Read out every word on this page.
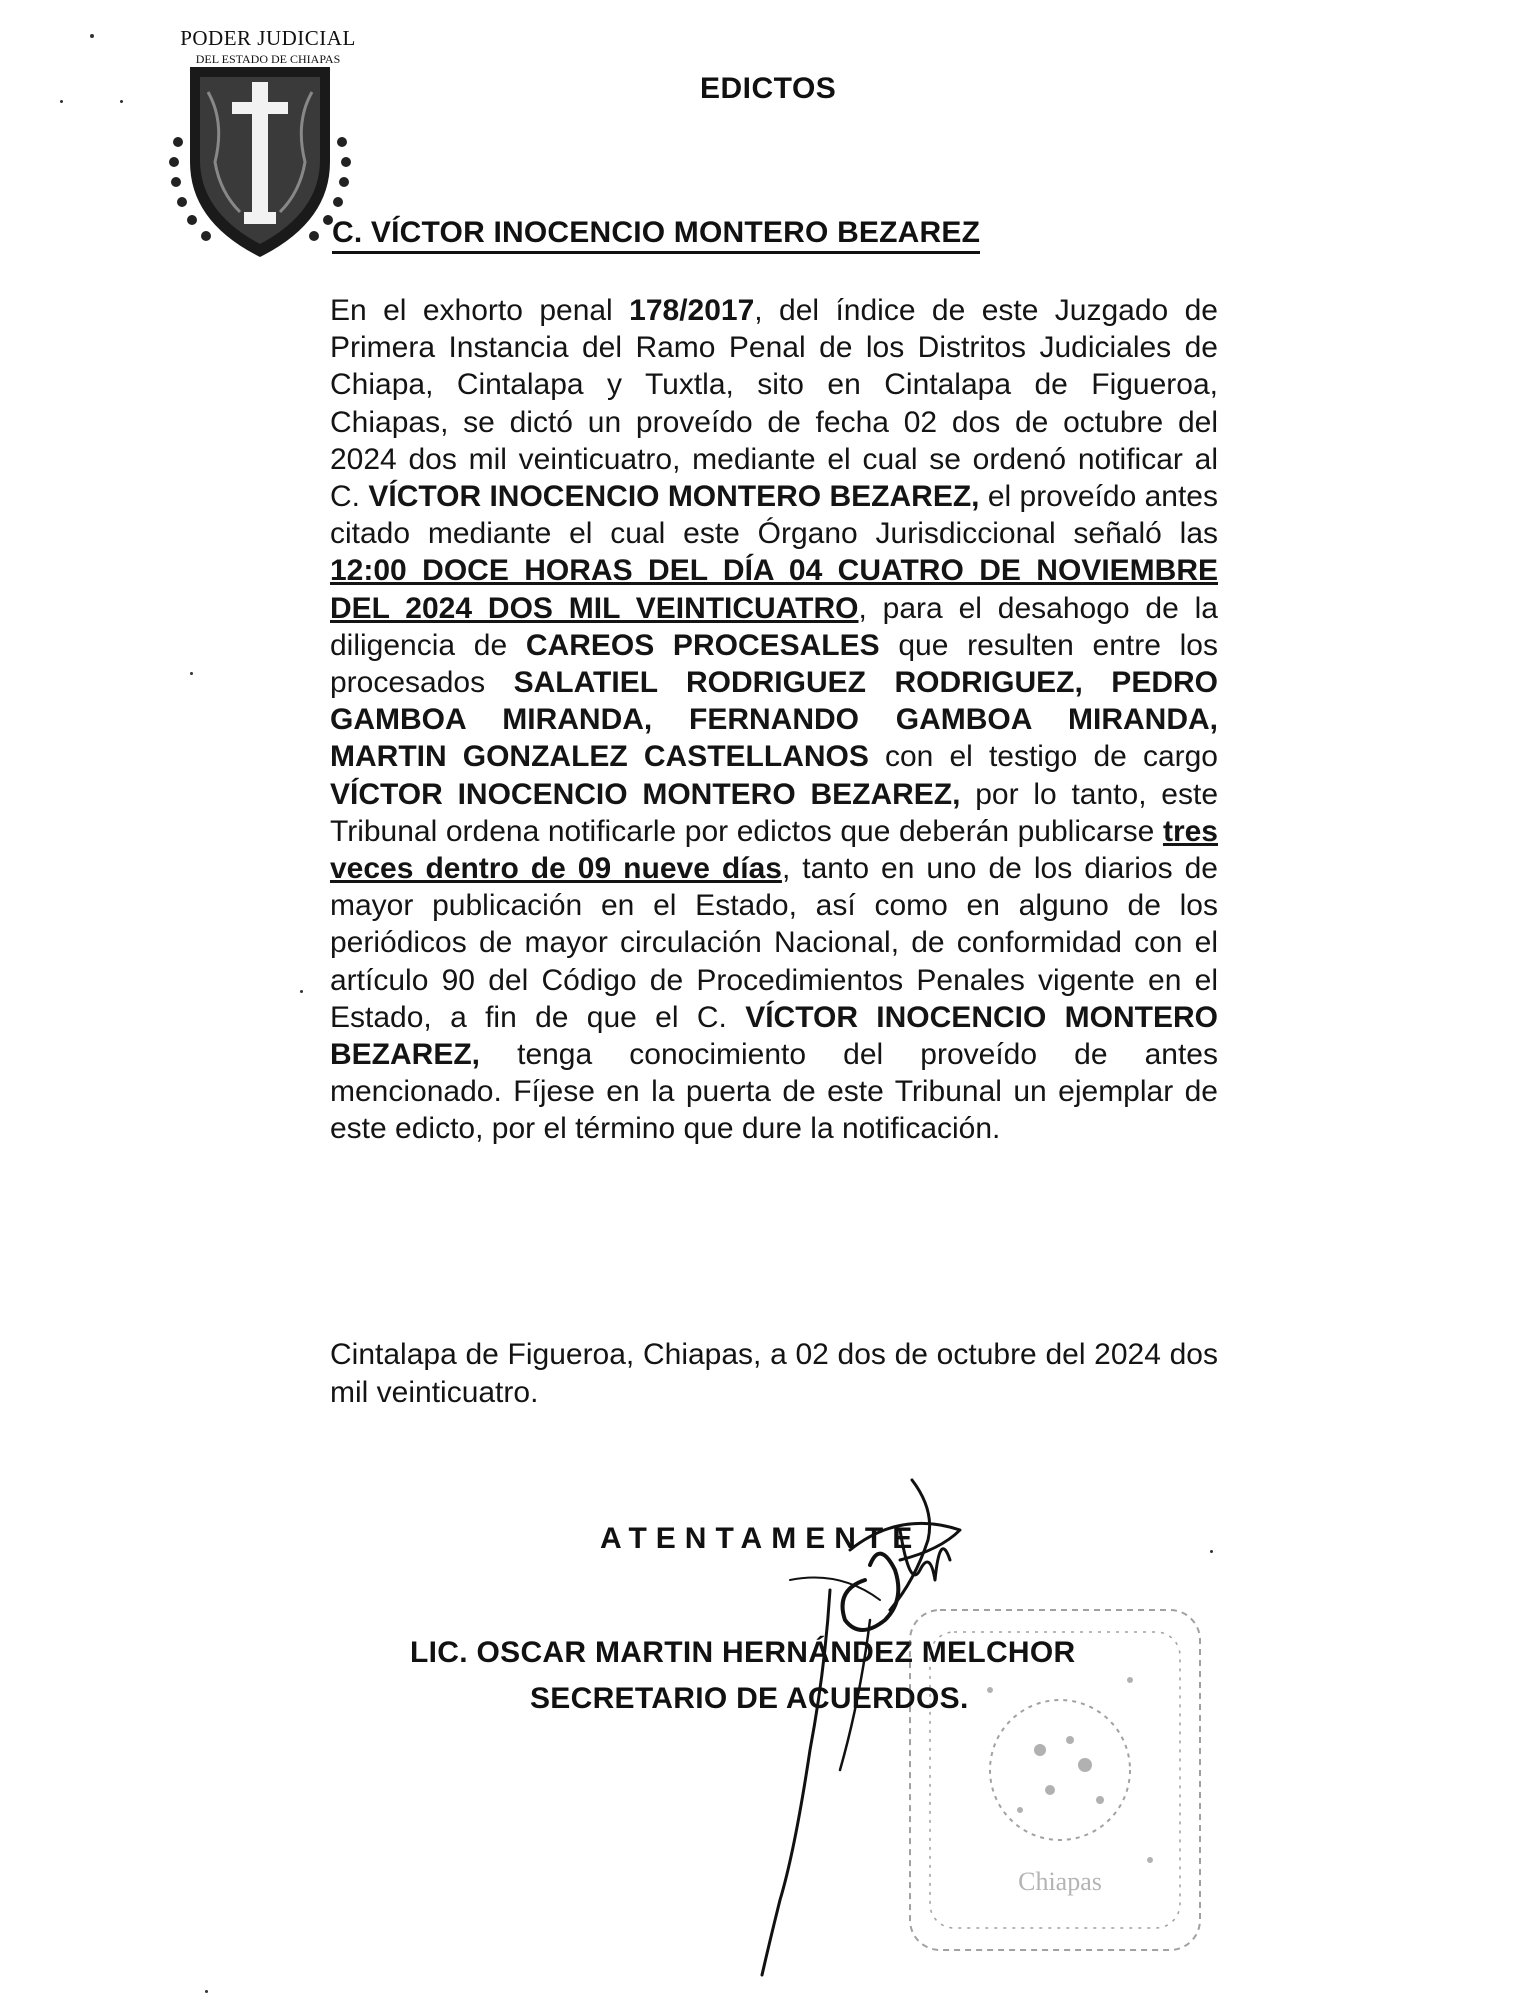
PODER JUDICIAL
DEL ESTADO DE CHIAPAS
EDICTOS
C. VÍCTOR INOCENCIO MONTERO BEZAREZ
En el exhorto penal 178/2017, del índice de este Juzgado de Primera Instancia del Ramo Penal de los Distritos Judiciales de Chiapa, Cintalapa y Tuxtla, sito en Cintalapa de Figueroa, Chiapas, se dictó un proveído de fecha 02 dos de octubre del 2024 dos mil veinticuatro, mediante el cual se ordenó notificar al C. VÍCTOR INOCENCIO MONTERO BEZAREZ, el proveído antes citado mediante el cual este Órgano Jurisdiccional señaló las 12:00 DOCE HORAS DEL DÍA 04 CUATRO DE NOVIEMBRE DEL 2024 DOS MIL VEINTICUATRO, para el desahogo de la diligencia de CAREOS PROCESALES que resulten entre los procesados SALATIEL RODRIGUEZ RODRIGUEZ, PEDRO GAMBOA MIRANDA, FERNANDO GAMBOA MIRANDA, MARTIN GONZALEZ CASTELLANOS con el testigo de cargo VÍCTOR INOCENCIO MONTERO BEZAREZ, por lo tanto, este Tribunal ordena notificarle por edictos que deberán publicarse tres veces dentro de 09 nueve días, tanto en uno de los diarios de mayor publicación en el Estado, así como en alguno de los periódicos de mayor circulación Nacional, de conformidad con el artículo 90 del Código de Procedimientos Penales vigente en el Estado, a fin de que el C. VÍCTOR INOCENCIO MONTERO BEZAREZ, tenga conocimiento del proveído de antes mencionado. Fíjese en la puerta de este Tribunal un ejemplar de este edicto, por el término que dure la notificación.
Cintalapa de Figueroa, Chiapas, a 02 dos de octubre del 2024 dos mil veinticuatro.
ATENTAMENTE
LIC. OSCAR MARTIN HERNÁNDEZ MELCHOR
SECRETARIO DE ACUERDOS.
Chiapas
